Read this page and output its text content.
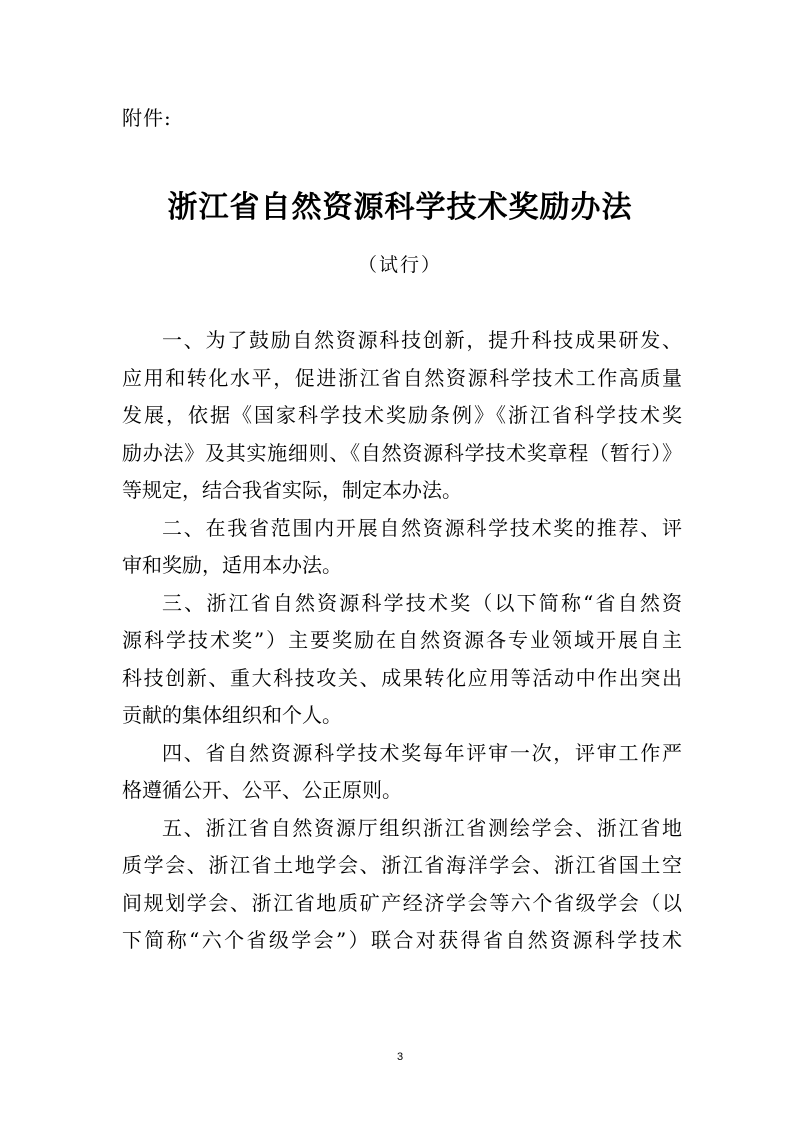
附件:
浙江省自然资源科学技术奖励办法
（试行）
一、为了鼓励自然资源科技创新，提升科技成果研发、
应用和转化水平，促进浙江省自然资源科学技术工作高质量
发展，依据《国家科学技术奖励条例》《浙江省科学技术奖
励办法》及其实施细则、《自然资源科学技术奖章程（暂行）》
等规定，结合我省实际，制定本办法。
二、在我省范围内开展自然资源科学技术奖的推荐、评
审和奖励，适用本办法。
三、浙江省自然资源科学技术奖（以下简称“省自然资
源科学技术奖”）主要奖励在自然资源各专业领域开展自主
科技创新、重大科技攻关、成果转化应用等活动中作出突出
贡献的集体组织和个人。
四、省自然资源科学技术奖每年评审一次，评审工作严
格遵循公开、公平、公正原则。
五、浙江省自然资源厅组织浙江省测绘学会、浙江省地
质学会、浙江省土地学会、浙江省海洋学会、浙江省国土空
间规划学会、浙江省地质矿产经济学会等六个省级学会（以
下简称“六个省级学会”）联合对获得省自然资源科学技术
3
